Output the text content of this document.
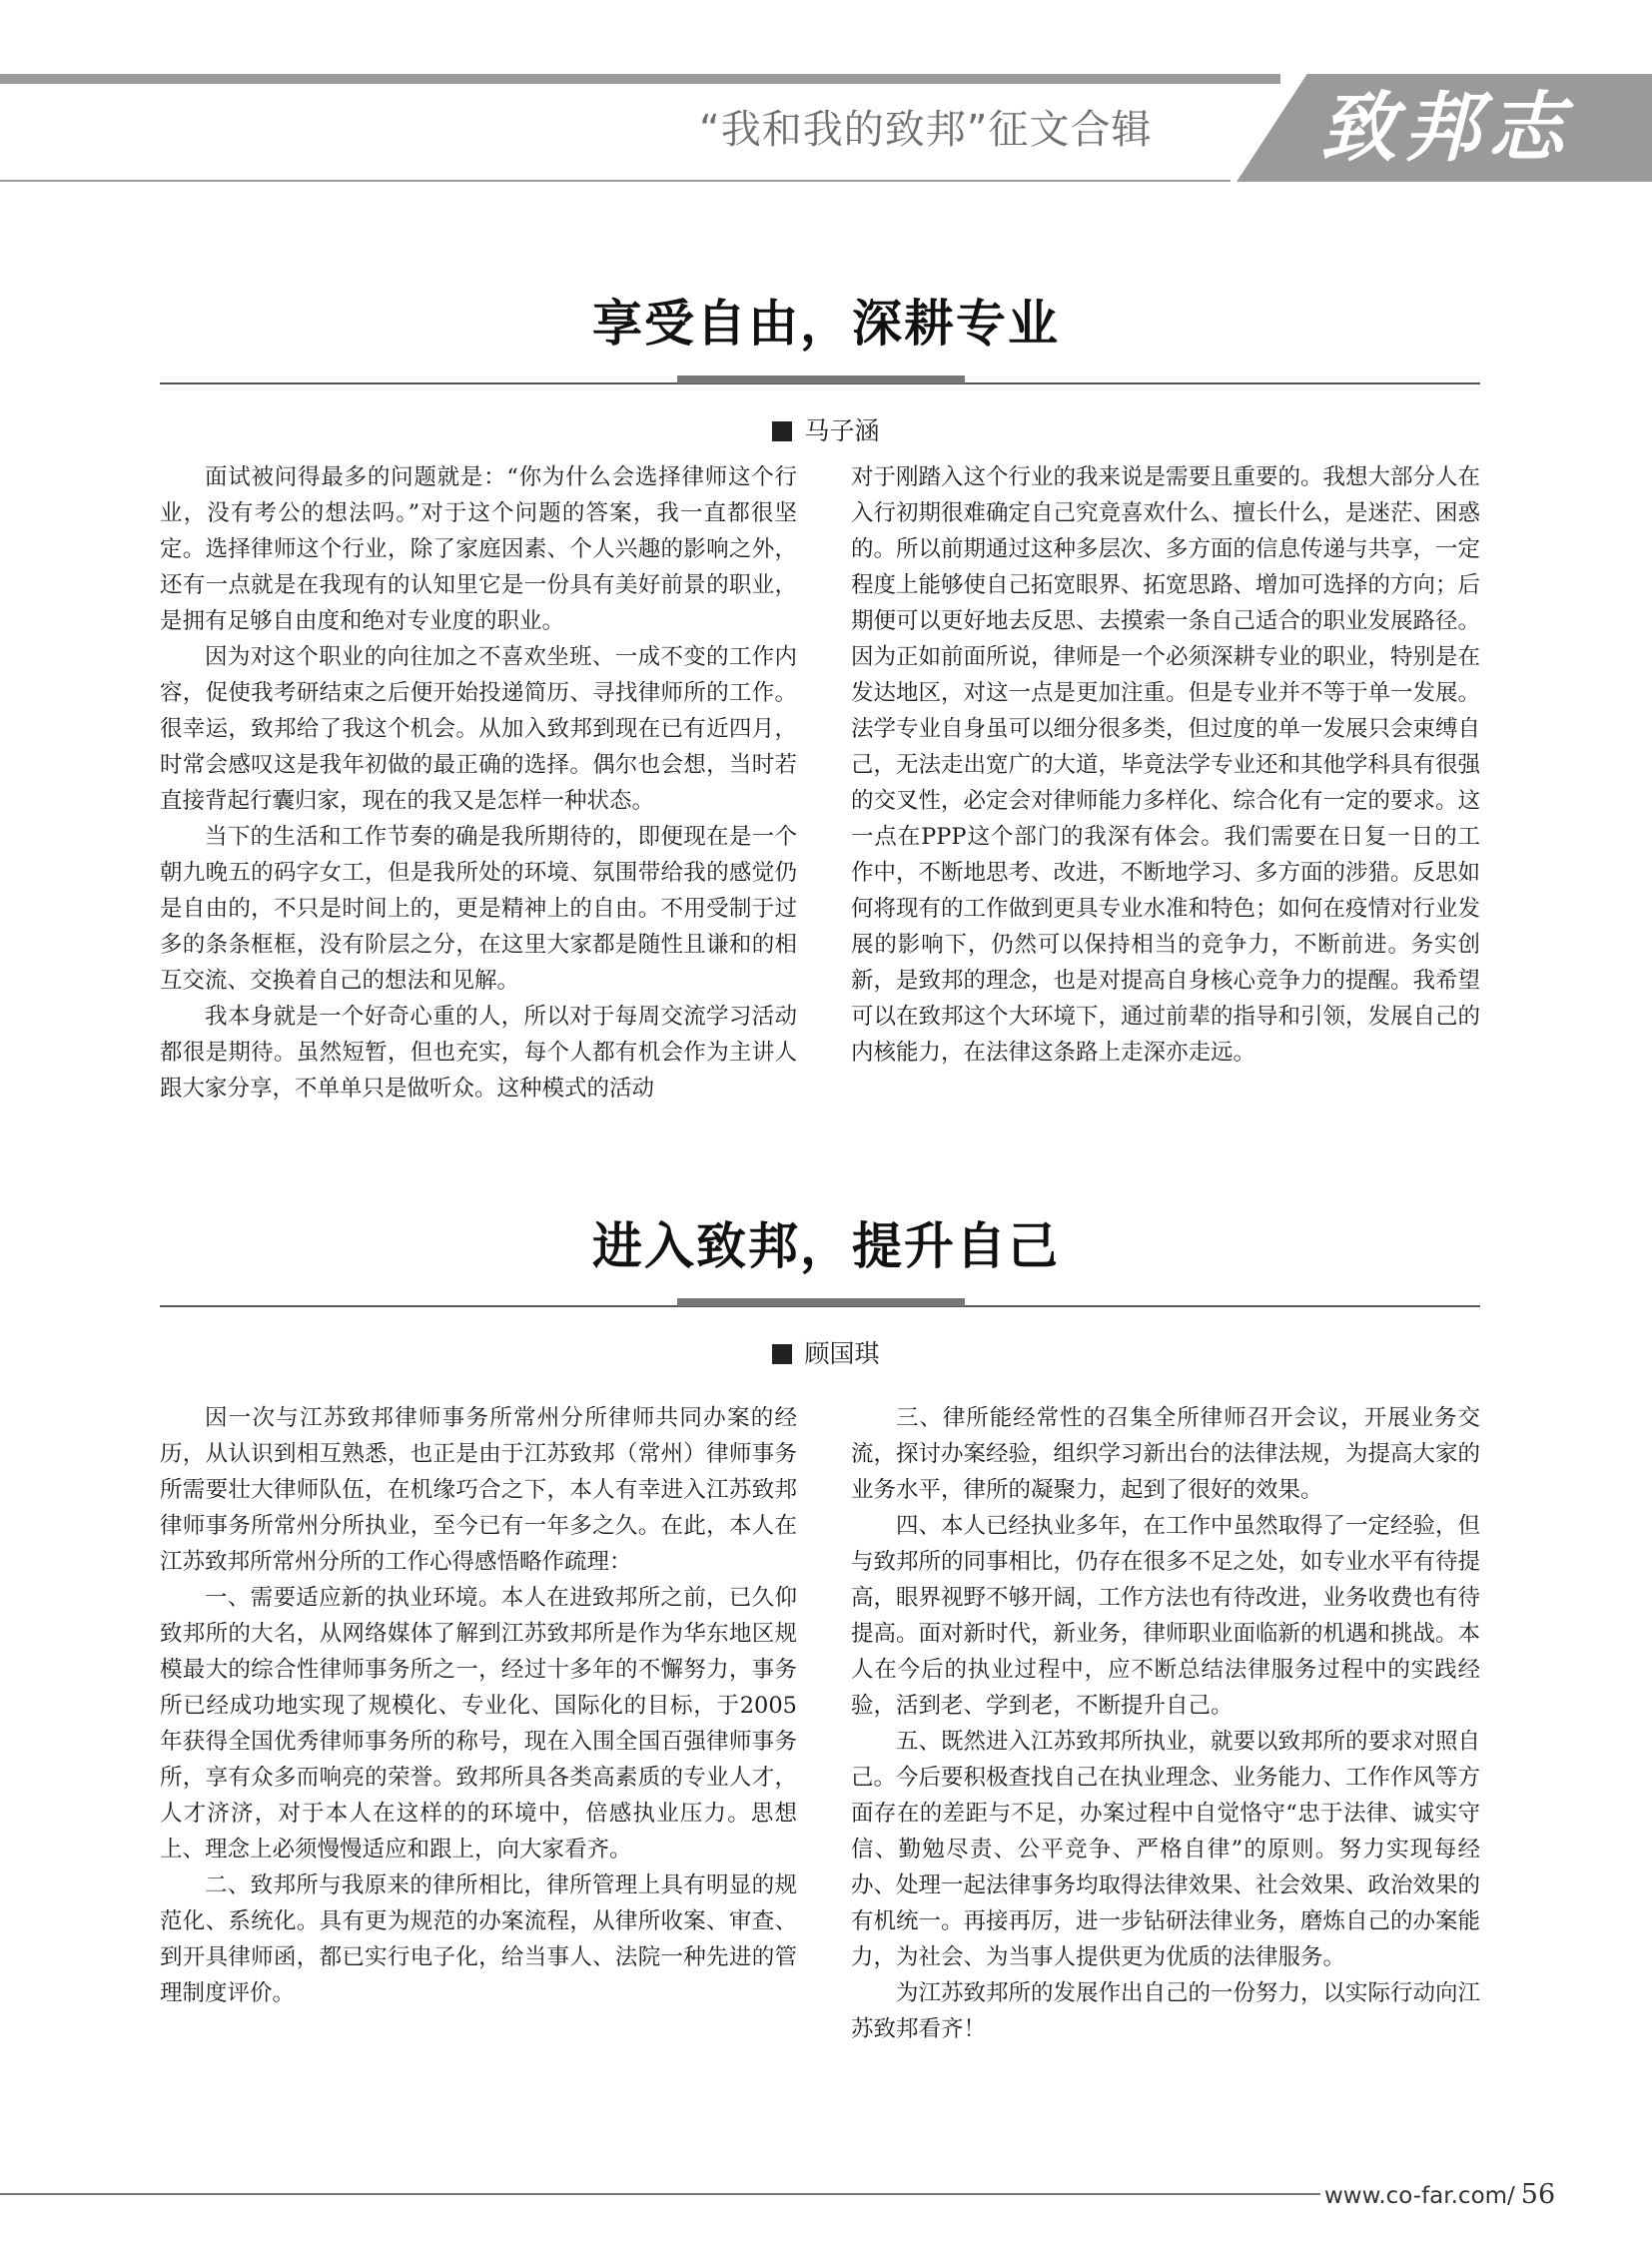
“我和我的致邦”征文合辑	致邦志
享受自由，深耕专业
马子涵

面试被问得最多的问题就是：“你为什么会选择律师这个行业，没有考公的想法吗。”对于这个问题的答案，我一直都很坚定。选择律师这个行业，除了家庭因素、个人兴趣的影响之外，还有一点就是在我现有的认知里它是一份具有美好前景的职业，是拥有足够自由度和绝对专业度的职业。

因为对这个职业的向往加之不喜欢坐班、一成不变的工作内容，促使我考研结束之后便开始投递简历、寻找律师所的工作。很幸运，致邦给了我这个机会。从加入致邦到现在已有近四月，时常会感叹这是我年初做的最正确的选择。偶尔也会想，当时若直接背起行囊归家，现在的我又是怎样一种状态。

当下的生活和工作节奏的确是我所期待的，即便现在是一个朝九晚五的码字女工，但是我所处的环境、氛围带给我的感觉仍是自由的，不只是时间上的，更是精神上的自由。不用受制于过多的条条框框，没有阶层之分，在这里大家都是随性且谦和的相互交流、交换着自己的想法和见解。

我本身就是一个好奇心重的人，所以对于每周交流学习活动都很是期待。虽然短暂，但也充实，每个人都有机会作为主讲人跟大家分享，不单单只是做听众。这种模式的活动

对于刚踏入这个行业的我来说是需要且重要的。我想大部分人在入行初期很难确定自己究竟喜欢什么、擅长什么，是迷茫、困惑的。所以前期通过这种多层次、多方面的信息传递与共享，一定程度上能够使自己拓宽眼界、拓宽思路、增加可选择的方向；后期便可以更好地去反思、去摸索一条自己适合的职业发展路径。因为正如前面所说，律师是一个必须深耕专业的职业，特别是在发达地区，对这一点是更加注重。但是专业并不等于单一发展。法学专业自身虽可以细分很多类，但过度的单一发展只会束缚自己，无法走出宽广的大道，毕竟法学专业还和其他学科具有很强的交叉性，必定会对律师能力多样化、综合化有一定的要求。这一点在PPP这个部门的我深有体会。我们需要在日复一日的工作中，不断地思考、改进，不断地学习、多方面的涉猎。反思如何将现有的工作做到更具专业水准和特色；如何在疫情对行业发展的影响下，仍然可以保持相当的竞争力，不断前进。务实创新，是致邦的理念，也是对提高自身核心竞争力的提醒。我希望可以在致邦这个大环境下，通过前辈的指导和引领，发展自己的内核能力，在法律这条路上走深亦走远。

进入致邦，提升自己
顾国琪

因一次与江苏致邦律师事务所常州分所律师共同办案的经历，从认识到相互熟悉，也正是由于江苏致邦（常州）律师事务所需要壮大律师队伍，在机缘巧合之下，本人有幸进入江苏致邦律师事务所常州分所执业，至今已有一年多之久。在此，本人在江苏致邦所常州分所的工作心得感悟略作疏理：

一、需要适应新的执业环境。本人在进致邦所之前，已久仰致邦所的大名，从网络媒体了解到江苏致邦所是作为华东地区规模最大的综合性律师事务所之一，经过十多年的不懈努力，事务所已经成功地实现了规模化、专业化、国际化的目标，于2005年获得全国优秀律师事务所的称号，现在入围全国百强律师事务所，享有众多而响亮的荣誉。致邦所具各类高素质的专业人才，人才济济，对于本人在这样的的环境中，倍感执业压力。思想上、理念上必须慢慢适应和跟上，向大家看齐。

二、致邦所与我原来的律所相比，律所管理上具有明显的规范化、系统化。具有更为规范的办案流程，从律所收案、审查、到开具律师函，都已实行电子化，给当事人、法院一种先进的管理制度评价。

三、律所能经常性的召集全所律师召开会议，开展业务交流，探讨办案经验，组织学习新出台的法律法规，为提高大家的业务水平，律所的凝聚力，起到了很好的效果。

四、本人已经执业多年，在工作中虽然取得了一定经验，但与致邦所的同事相比，仍存在很多不足之处，如专业水平有待提高，眼界视野不够开阔，工作方法也有待改进，业务收费也有待提高。面对新时代，新业务，律师职业面临新的机遇和挑战。本人在今后的执业过程中，应不断总结法律服务过程中的实践经验，活到老、学到老，不断提升自己。

五、既然进入江苏致邦所执业，就要以致邦所的要求对照自己。今后要积极查找自己在执业理念、业务能力、工作作风等方面存在的差距与不足，办案过程中自觉恪守“忠于法律、诚实守信、勤勉尽责、公平竞争、严格自律”的原则。努力实现每经办、处理一起法律事务均取得法律效果、社会效果、政治效果的有机统一。再接再厉，进一步钻研法律业务，磨炼自己的办案能力，为社会、为当事人提供更为优质的法律服务。

为江苏致邦所的发展作出自己的一份努力，以实际行动向江苏致邦看齐！

www.co-far.com/ 56
